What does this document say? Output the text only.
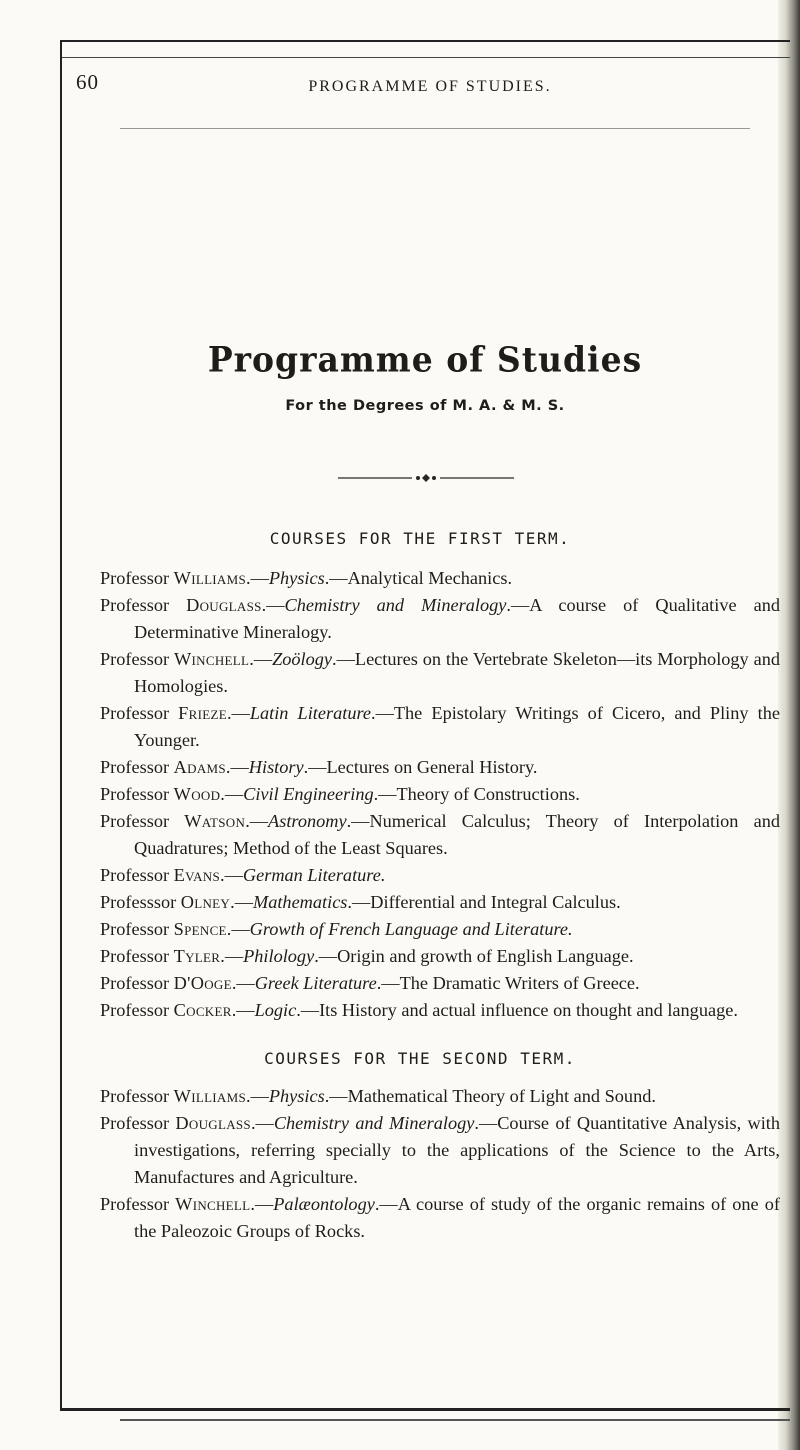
60	PROGRAMME OF STUDIES.
Programme of Studies
For the Degrees of M. A. & M. S.
COURSES FOR THE FIRST TERM.

Professor Williams.—Physics.—Analytical Mechanics.

Professor Douglass.—Chemistry and Mineralogy.—A course of Qualitative and Determinative Mineralogy.

Professor Winchell.—Zoölogy.—Lectures on the Vertebrate Skeleton—its Morphology and Homologies.

Professor Frieze.—Latin Literature.—The Epistolary Writings of Cicero, and Pliny the Younger.

Professor Adams.—History.—Lectures on General History.

Professor Wood.—Civil Engineering.—Theory of Constructions.

Professor Watson.—Astronomy.—Numerical Calculus; Theory of Interpolation and Quadratures; Method of the Least Squares.

Professor Evans.—German Literature.

Professsor Olney.—Mathematics.—Differential and Integral Calculus.

Professor Spence.—Growth of French Language and Literature.

Professor Tyler.—Philology.—Origin and growth of English Language.

Professor D'Ooge.—Greek Literature.—The Dramatic Writers of Greece.

Professor Cocker.—Logic.—Its History and actual influence on thought and language.

COURSES FOR THE SECOND TERM.

Professor Williams.—Physics.—Mathematical Theory of Light and Sound.

Professor Douglass.—Chemistry and Mineralogy.—Course of Quantitative Analysis, with investigations, referring specially to the applications of the Science to the Arts, Manufactures and Agriculture.

Professor Winchell.—Palæontology.—A course of study of the organic remains of one of the Paleozoic Groups of Rocks.
